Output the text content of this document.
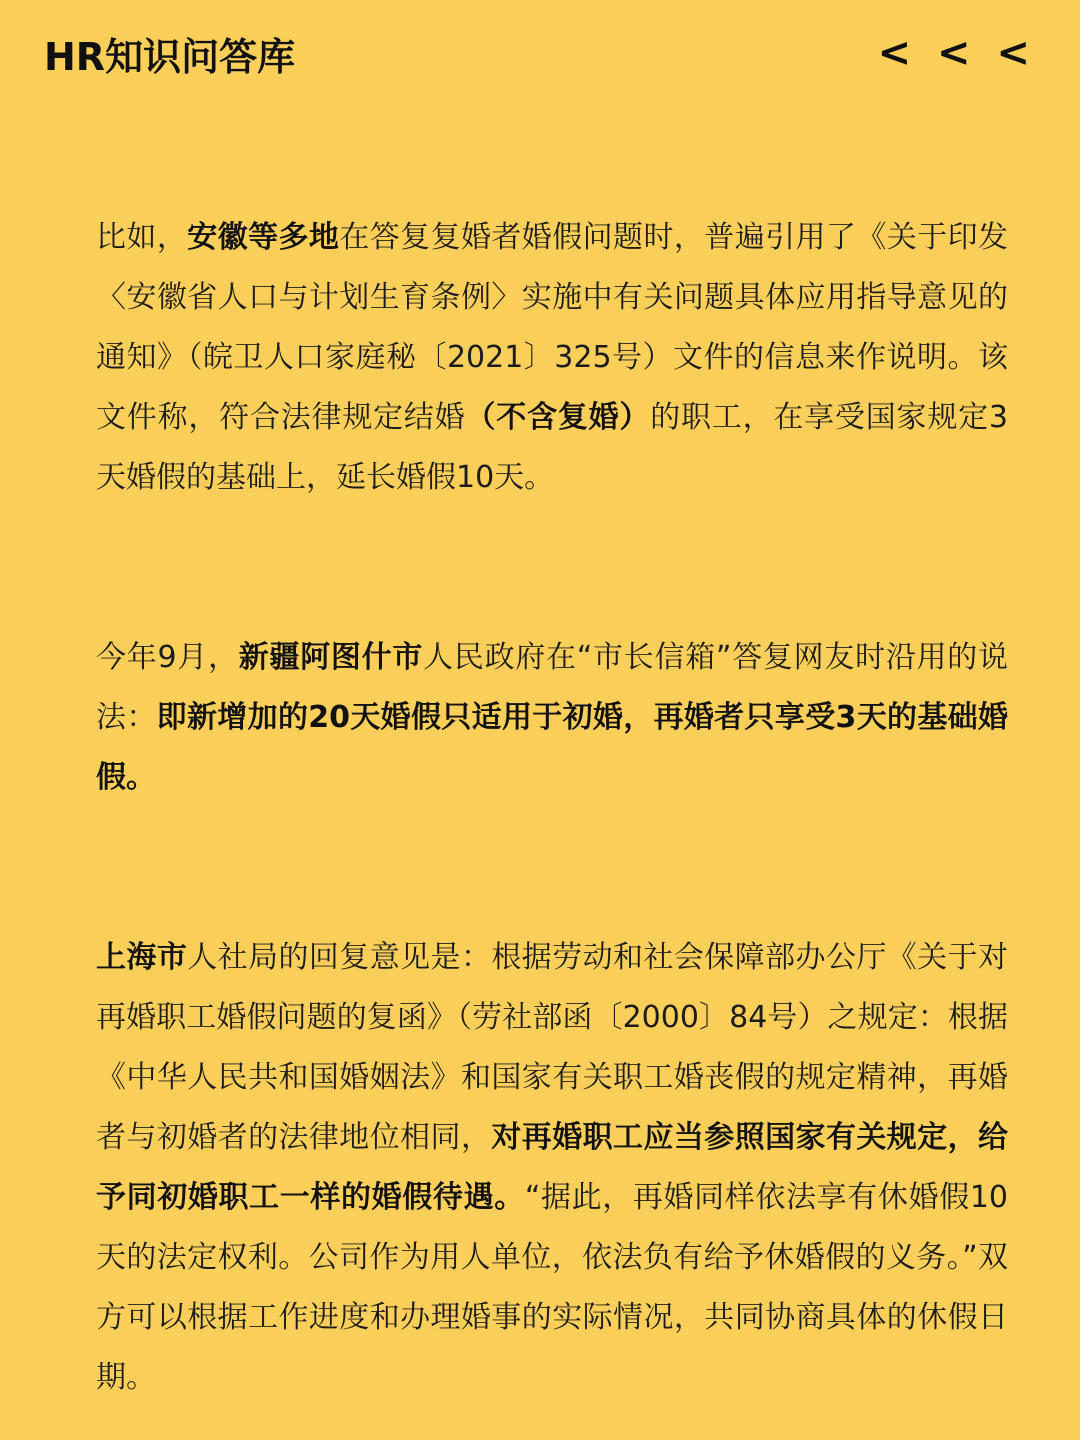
HR知识问答库	< < <

比如，安徽等多地在答复复婚者婚假问题时，普遍引用了《关于印发〈安徽省人口与计划生育条例〉实施中有关问题具体应用指导意见的通知》（皖卫人口家庭秘〔2021〕325号）文件的信息来作说明。该文件称，符合法律规定结婚（不含复婚）的职工，在享受国家规定3天婚假的基础上，延长婚假10天。

今年9月，新疆阿图什市人民政府在“市长信箱”答复网友时沿用的说法：即新增加的20天婚假只适用于初婚，再婚者只享受3天的基础婚假。

上海市人社局的回复意见是：根据劳动和社会保障部办公厅《关于对再婚职工婚假问题的复函》（劳社部函〔2000〕84号）之规定：根据《中华人民共和国婚姻法》和国家有关职工婚丧假的规定精神，再婚者与初婚者的法律地位相同，对再婚职工应当参照国家有关规定，给予同初婚职工一样的婚假待遇。“据此，再婚同样依法享有休婚假10天的法定权利。公司作为用人单位，依法负有给予休婚假的义务。”双方可以根据工作进度和办理婚事的实际情况，共同协商具体的休假日期。
